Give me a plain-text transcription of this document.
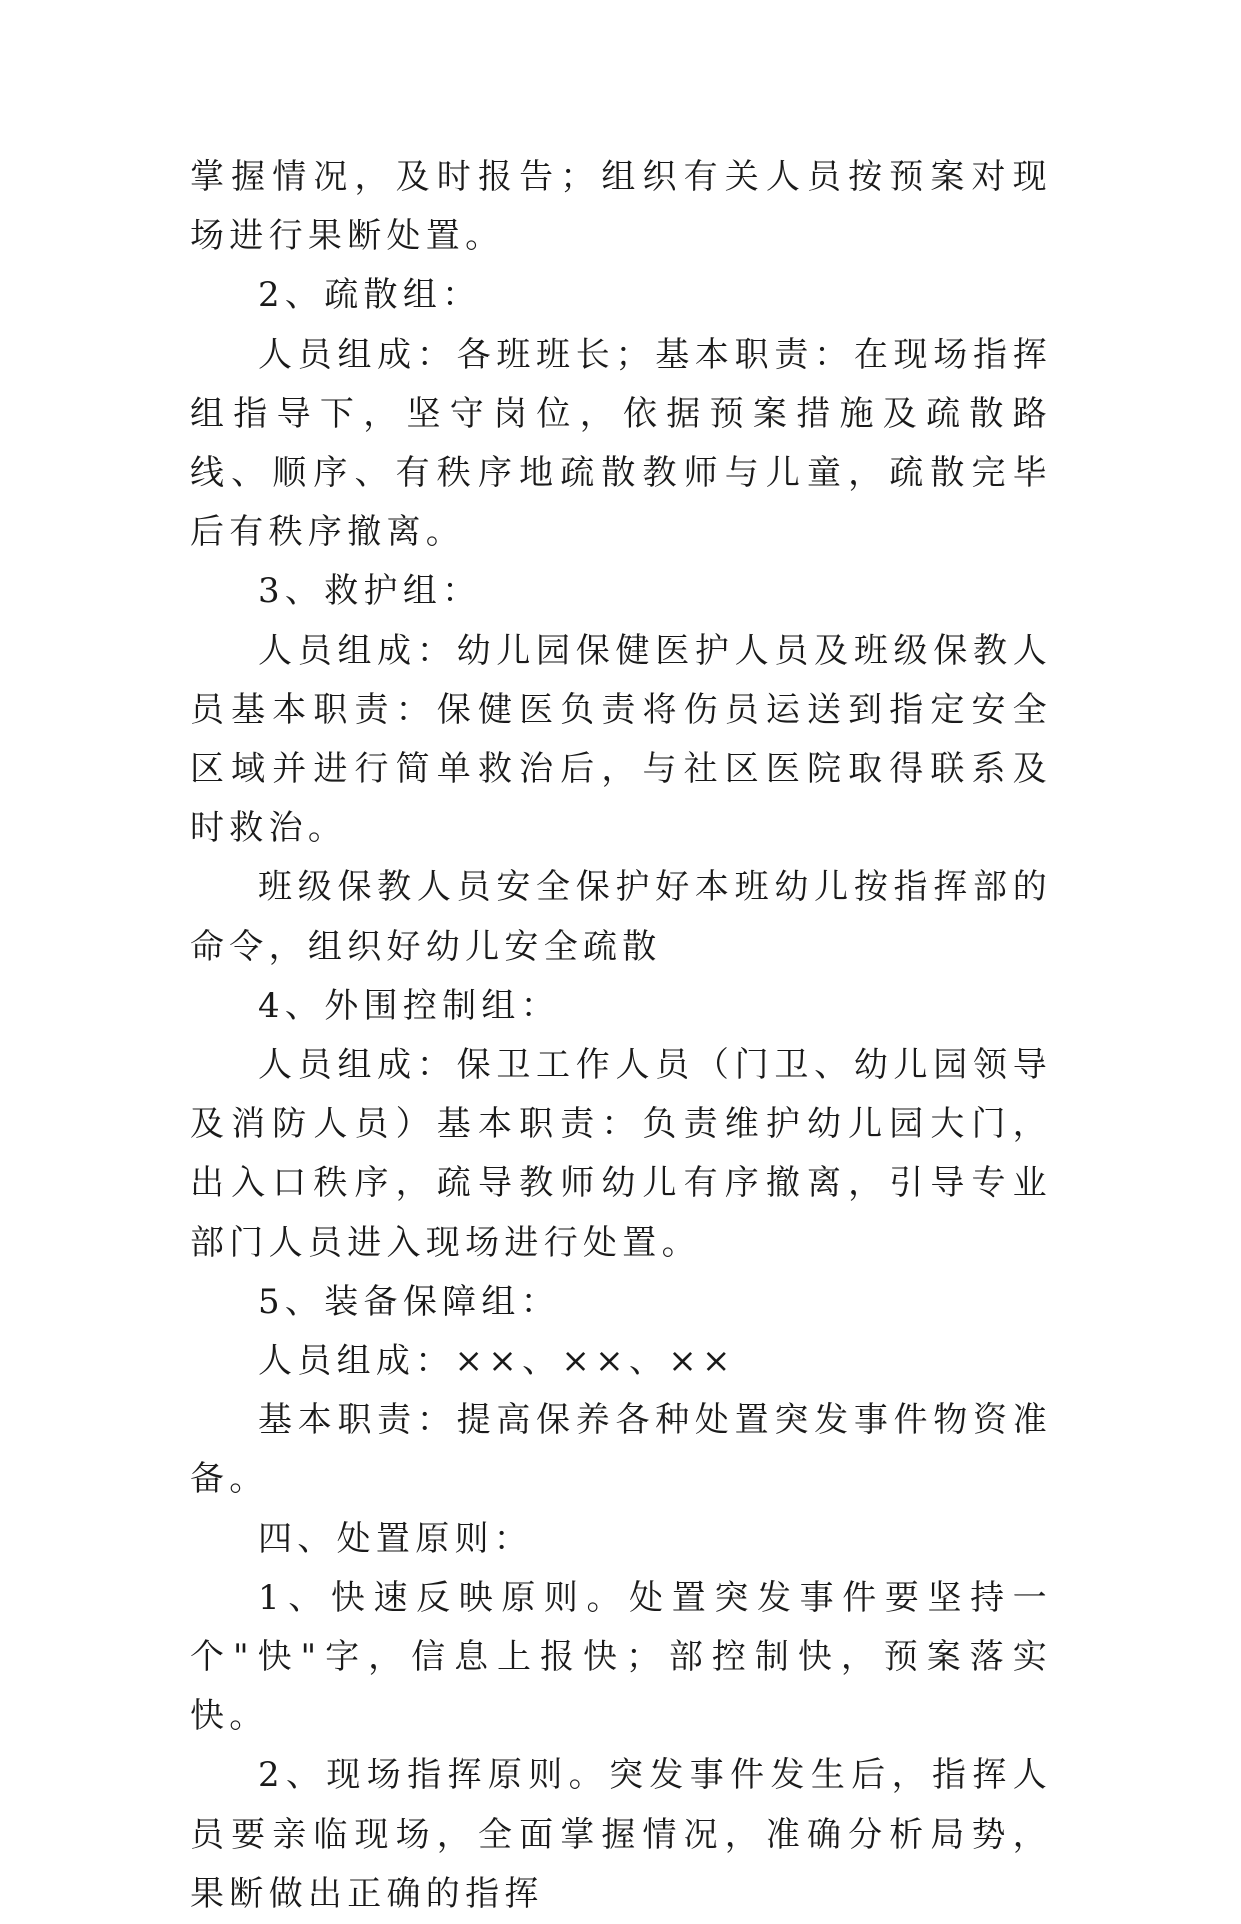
掌握情况，及时报告；组织有关人员按预案对现场进行果断处置。

2、疏散组：

人员组成：各班班长；基本职责：在现场指挥组指导下，坚守岗位，依据预案措施及疏散路线、顺序、有秩序地疏散教师与儿童，疏散完毕后有秩序撤离。

3、救护组：

人员组成：幼儿园保健医护人员及班级保教人员基本职责：保健医负责将伤员运送到指定安全区域并进行简单救治后，与社区医院取得联系及时救治。

班级保教人员安全保护好本班幼儿按指挥部的命令，组织好幼儿安全疏散

4、外围控制组：

人员组成：保卫工作人员（门卫、幼儿园领导及消防人员）基本职责：负责维护幼儿园大门，出入口秩序，疏导教师幼儿有序撤离，引导专业部门人员进入现场进行处置。

5、装备保障组：

人员组成：××、××、××

基本职责：提高保养各种处置突发事件物资准备。

四、处置原则：

1、快速反映原则。处置突发事件要坚持一个"快"字，信息上报快；部控制快，预案落实快。

2、现场指挥原则。突发事件发生后，指挥人员要亲临现场，全面掌握情况，准确分析局势，果断做出正确的指挥
